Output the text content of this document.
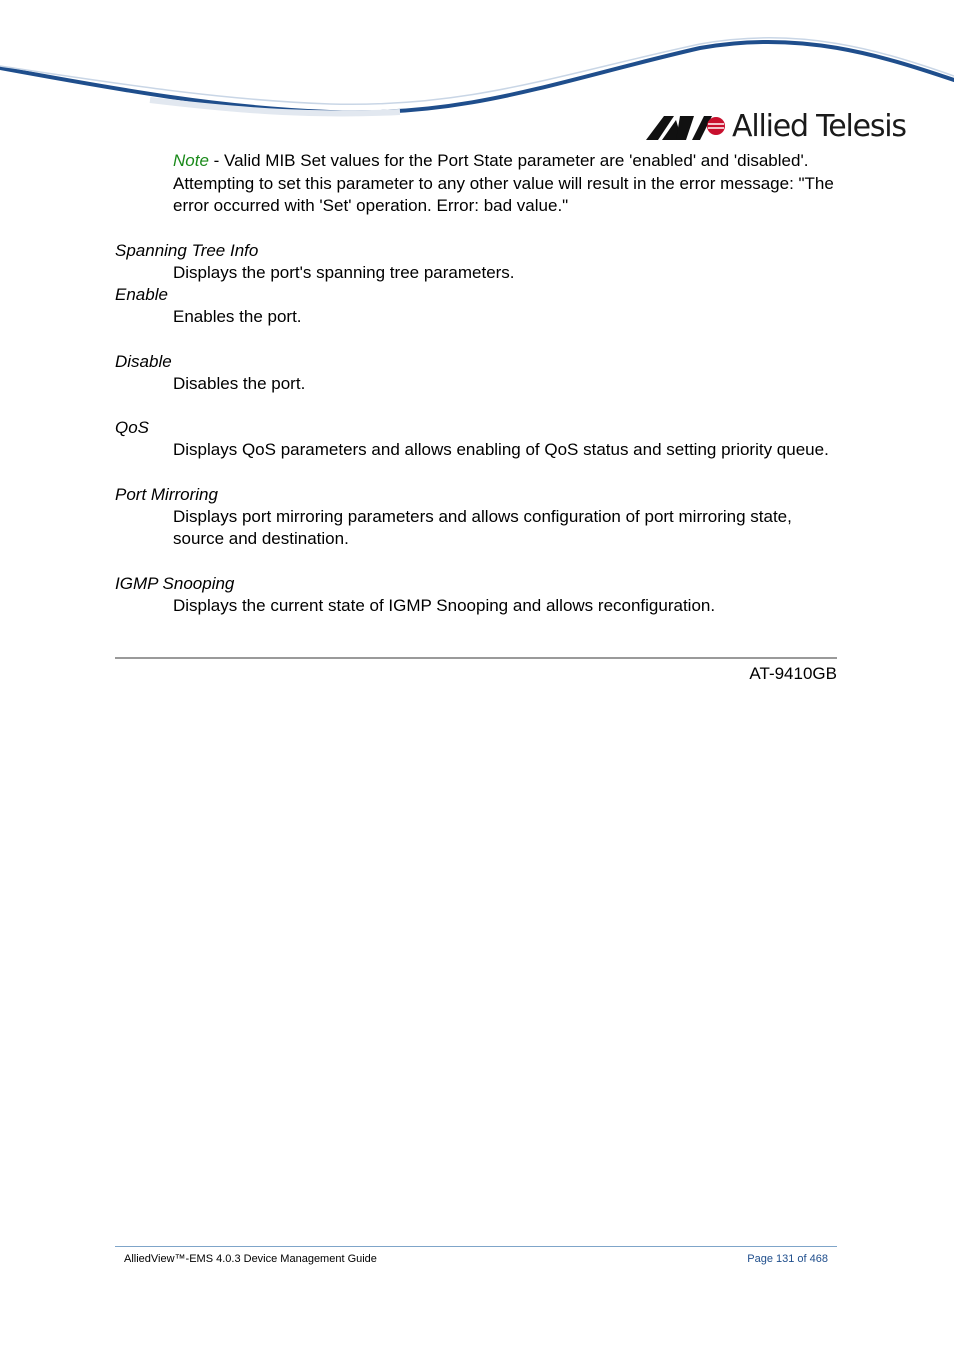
Allied Telesis
Note - Valid MIB Set values for the Port State parameter are 'enabled' and 'disabled'. Attempting to set this parameter to any other value will result in the error message: "The error occurred with 'Set' operation. Error: bad value."
Spanning Tree Info
Displays the port's spanning tree parameters.
Enable
Enables the port.
Disable
Disables the port.
QoS
Displays QoS parameters and allows enabling of QoS status and setting priority queue.
Port Mirroring
Displays port mirroring parameters and allows configuration of port mirroring state, source and destination.
IGMP Snooping
Displays the current state of IGMP Snooping and allows reconfiguration.
AT-9410GB
AlliedView™-EMS 4.0.3 Device Management Guide	Page 131 of 468
